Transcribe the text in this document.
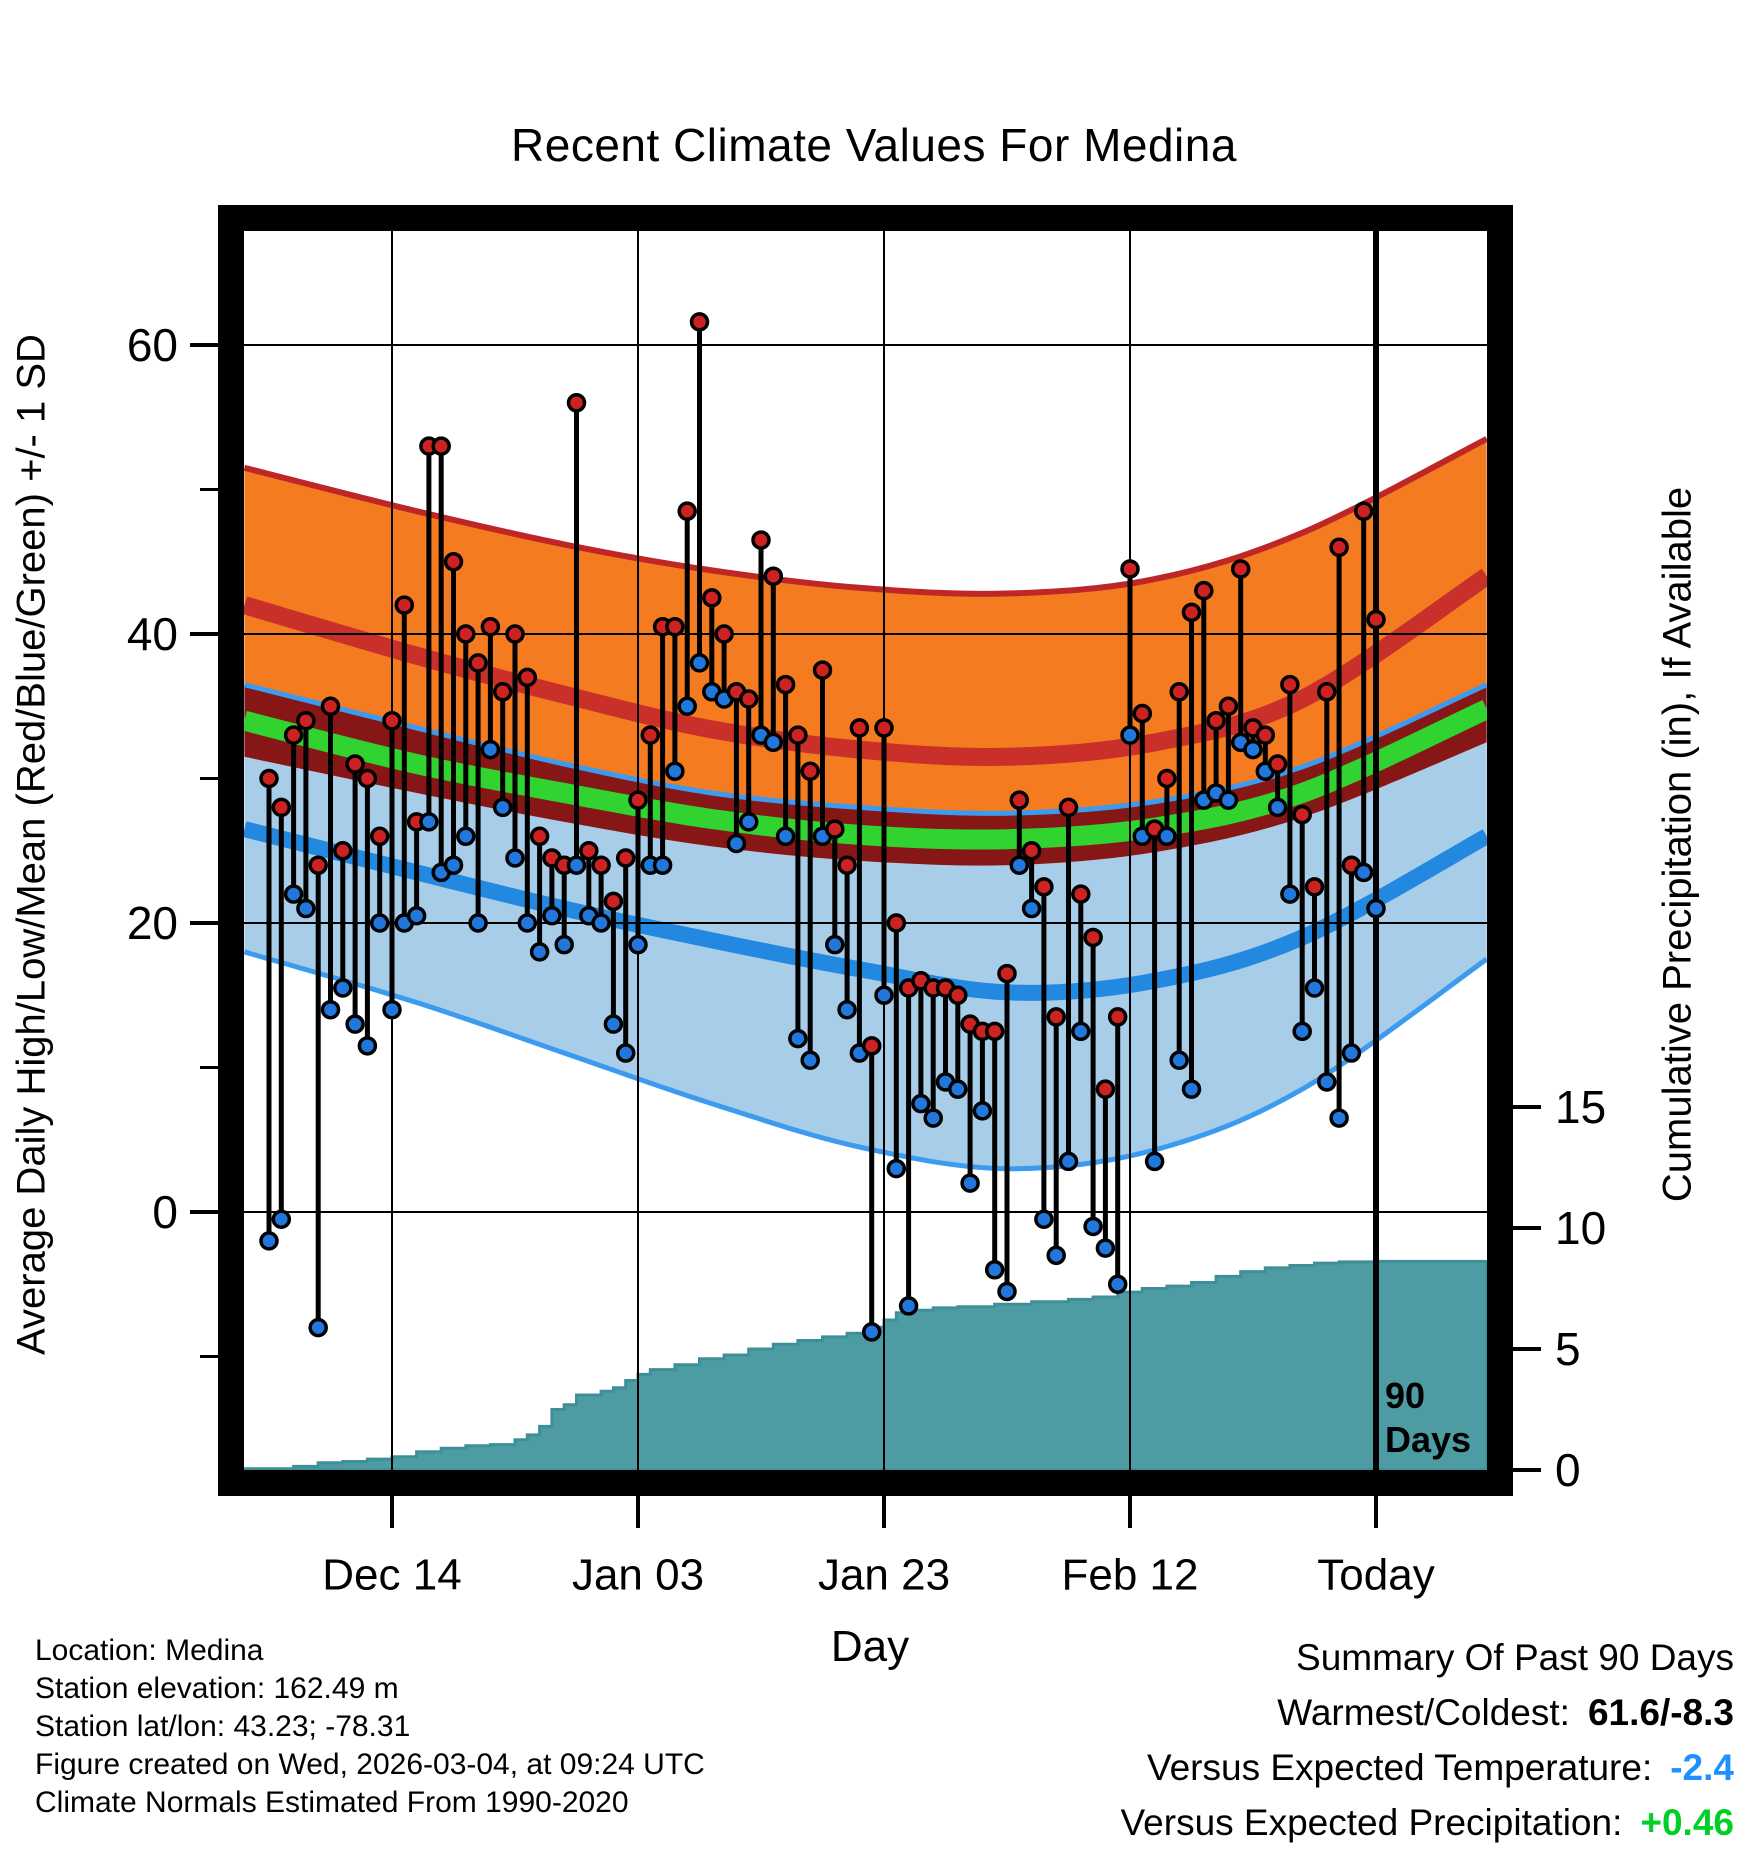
Recent Climate Values For Medina
Average Daily High/Low/Mean (Red/Blue/Green) +/- 1 SD	Cumulative Precipitation (in), If Available
Day
60
40
20
0
15
10
5
0
Dec 14	Jan 03	Jan 23	Feb 12	Today
90
Days
Location: Medina
Station elevation: 162.49 m
Station lat/lon: 43.23; -78.31
Figure created on Wed, 2026-03-04, at 09:24 UTC
Climate Normals Estimated From 1990-2020
Summary Of Past 90 Days
Warmest/Coldest: 61.6/-8.3
Versus Expected Temperature: -2.4
Versus Expected Precipitation: +0.46
